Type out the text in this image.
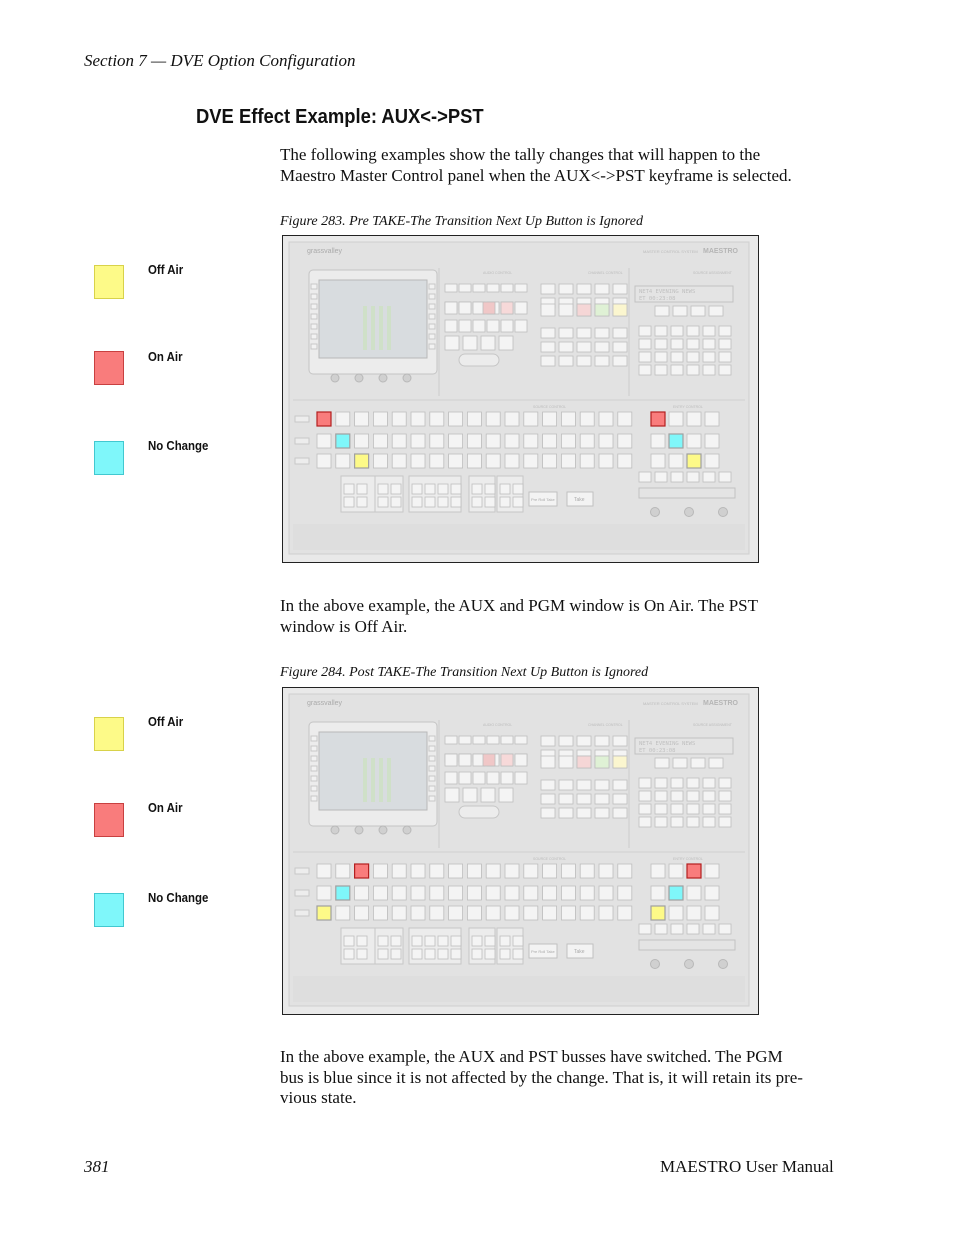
Section 7 — DVE Option Configuration
DVE Effect Example: AUX<->PST
The following examples show the tally changes that will happen to the
Maestro Master Control panel when the AUX<->PST keyframe is selected.
Figure 283. Pre TAKE-The Transition Next Up Button is Ignored
Off Air
On Air
No Change
grassvalley	MASTER CONTROL SYSTEM MAESTRO
AUDIO CONTROL	CHANNEL CONTROL	SOURCE ASSIGNMENT
NET4 EVENING NEWS
ET 00:23:08
SOURCE CONTROL	ENTRY CONTROL
Pre Roll Take	Take
In the above example, the AUX and PGM window is On Air. The PST
window is Off Air.
Figure 284. Post TAKE-The Transition Next Up Button is Ignored
Off Air
On Air
No Change
grassvalley	MASTER CONTROL SYSTEM MAESTRO
AUDIO CONTROL	CHANNEL CONTROL	SOURCE ASSIGNMENT
NET4 EVENING NEWS
ET 00:23:08
SOURCE CONTROL	ENTRY CONTROL
Pre Roll Take	Take
In the above example, the AUX and PST busses have switched. The PGM
bus is blue since it is not affected by the change. That is, it will retain its pre-
vious state.
381	MAESTRO User Manual
